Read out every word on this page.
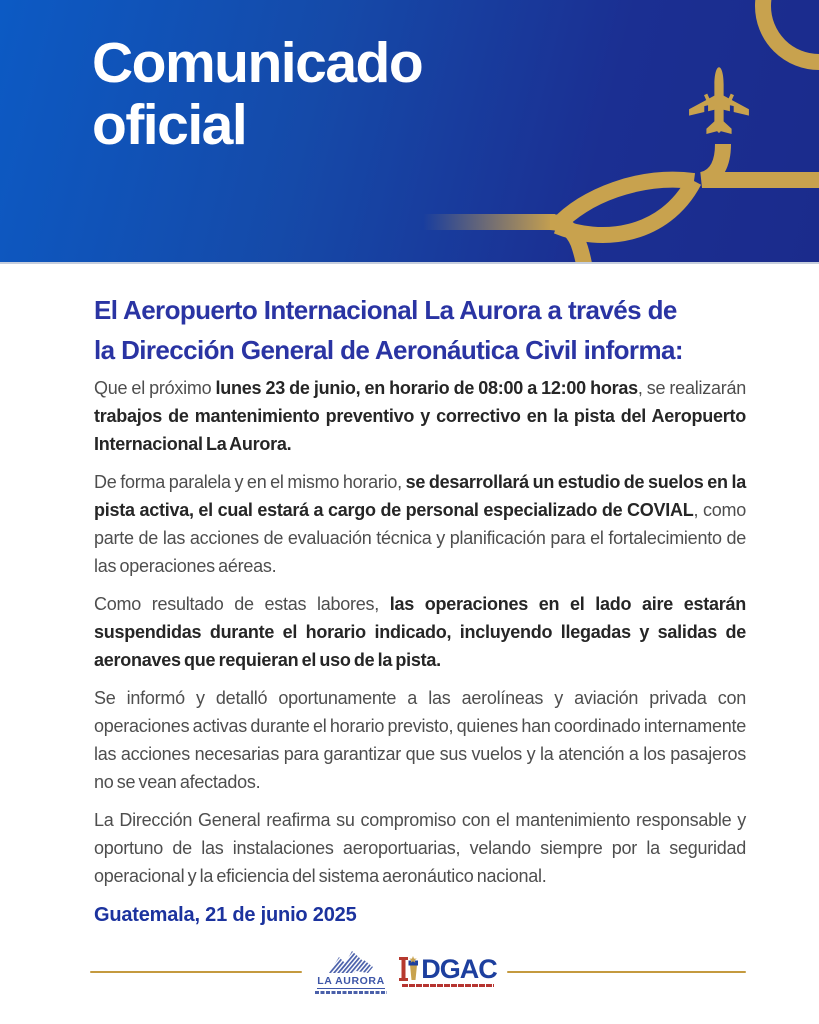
Comunicado
oficial
El Aeropuerto Internacional La Aurora a través de
la Dirección General de Aeronáutica Civil informa:

Que el próximo lunes 23 de junio, en horario de 08:00 a 12:00 horas, se realizarán trabajos de mantenimiento preventivo y correctivo en la pista del Aeropuerto Internacional La Aurora.

De forma paralela y en el mismo horario, se desarrollará un estudio de suelos en la pista activa, el cual estará a cargo de personal especializado de COVIAL, como parte de las acciones de evaluación técnica y planificación para el fortalecimiento de las operaciones aéreas.

Como resultado de estas labores, las operaciones en el lado aire estarán suspendidas durante el horario indicado, incluyendo llegadas y salidas de aeronaves que requieran el uso de la pista.

Se informó y detalló oportunamente a las aerolíneas y aviación privada con operaciones activas durante el horario previsto, quienes han coordinado internamente las acciones necesarias para garantizar que sus vuelos y la atención a los pasajeros no se vean afectados.

La Dirección General reafirma su compromiso con el mantenimiento responsable y oportuno de las instalaciones aeroportuarias, velando siempre por la seguridad operacional y la eficiencia del sistema aeronáutico nacional.

Guatemala, 21 de junio 2025

LA AURORA DGAC
